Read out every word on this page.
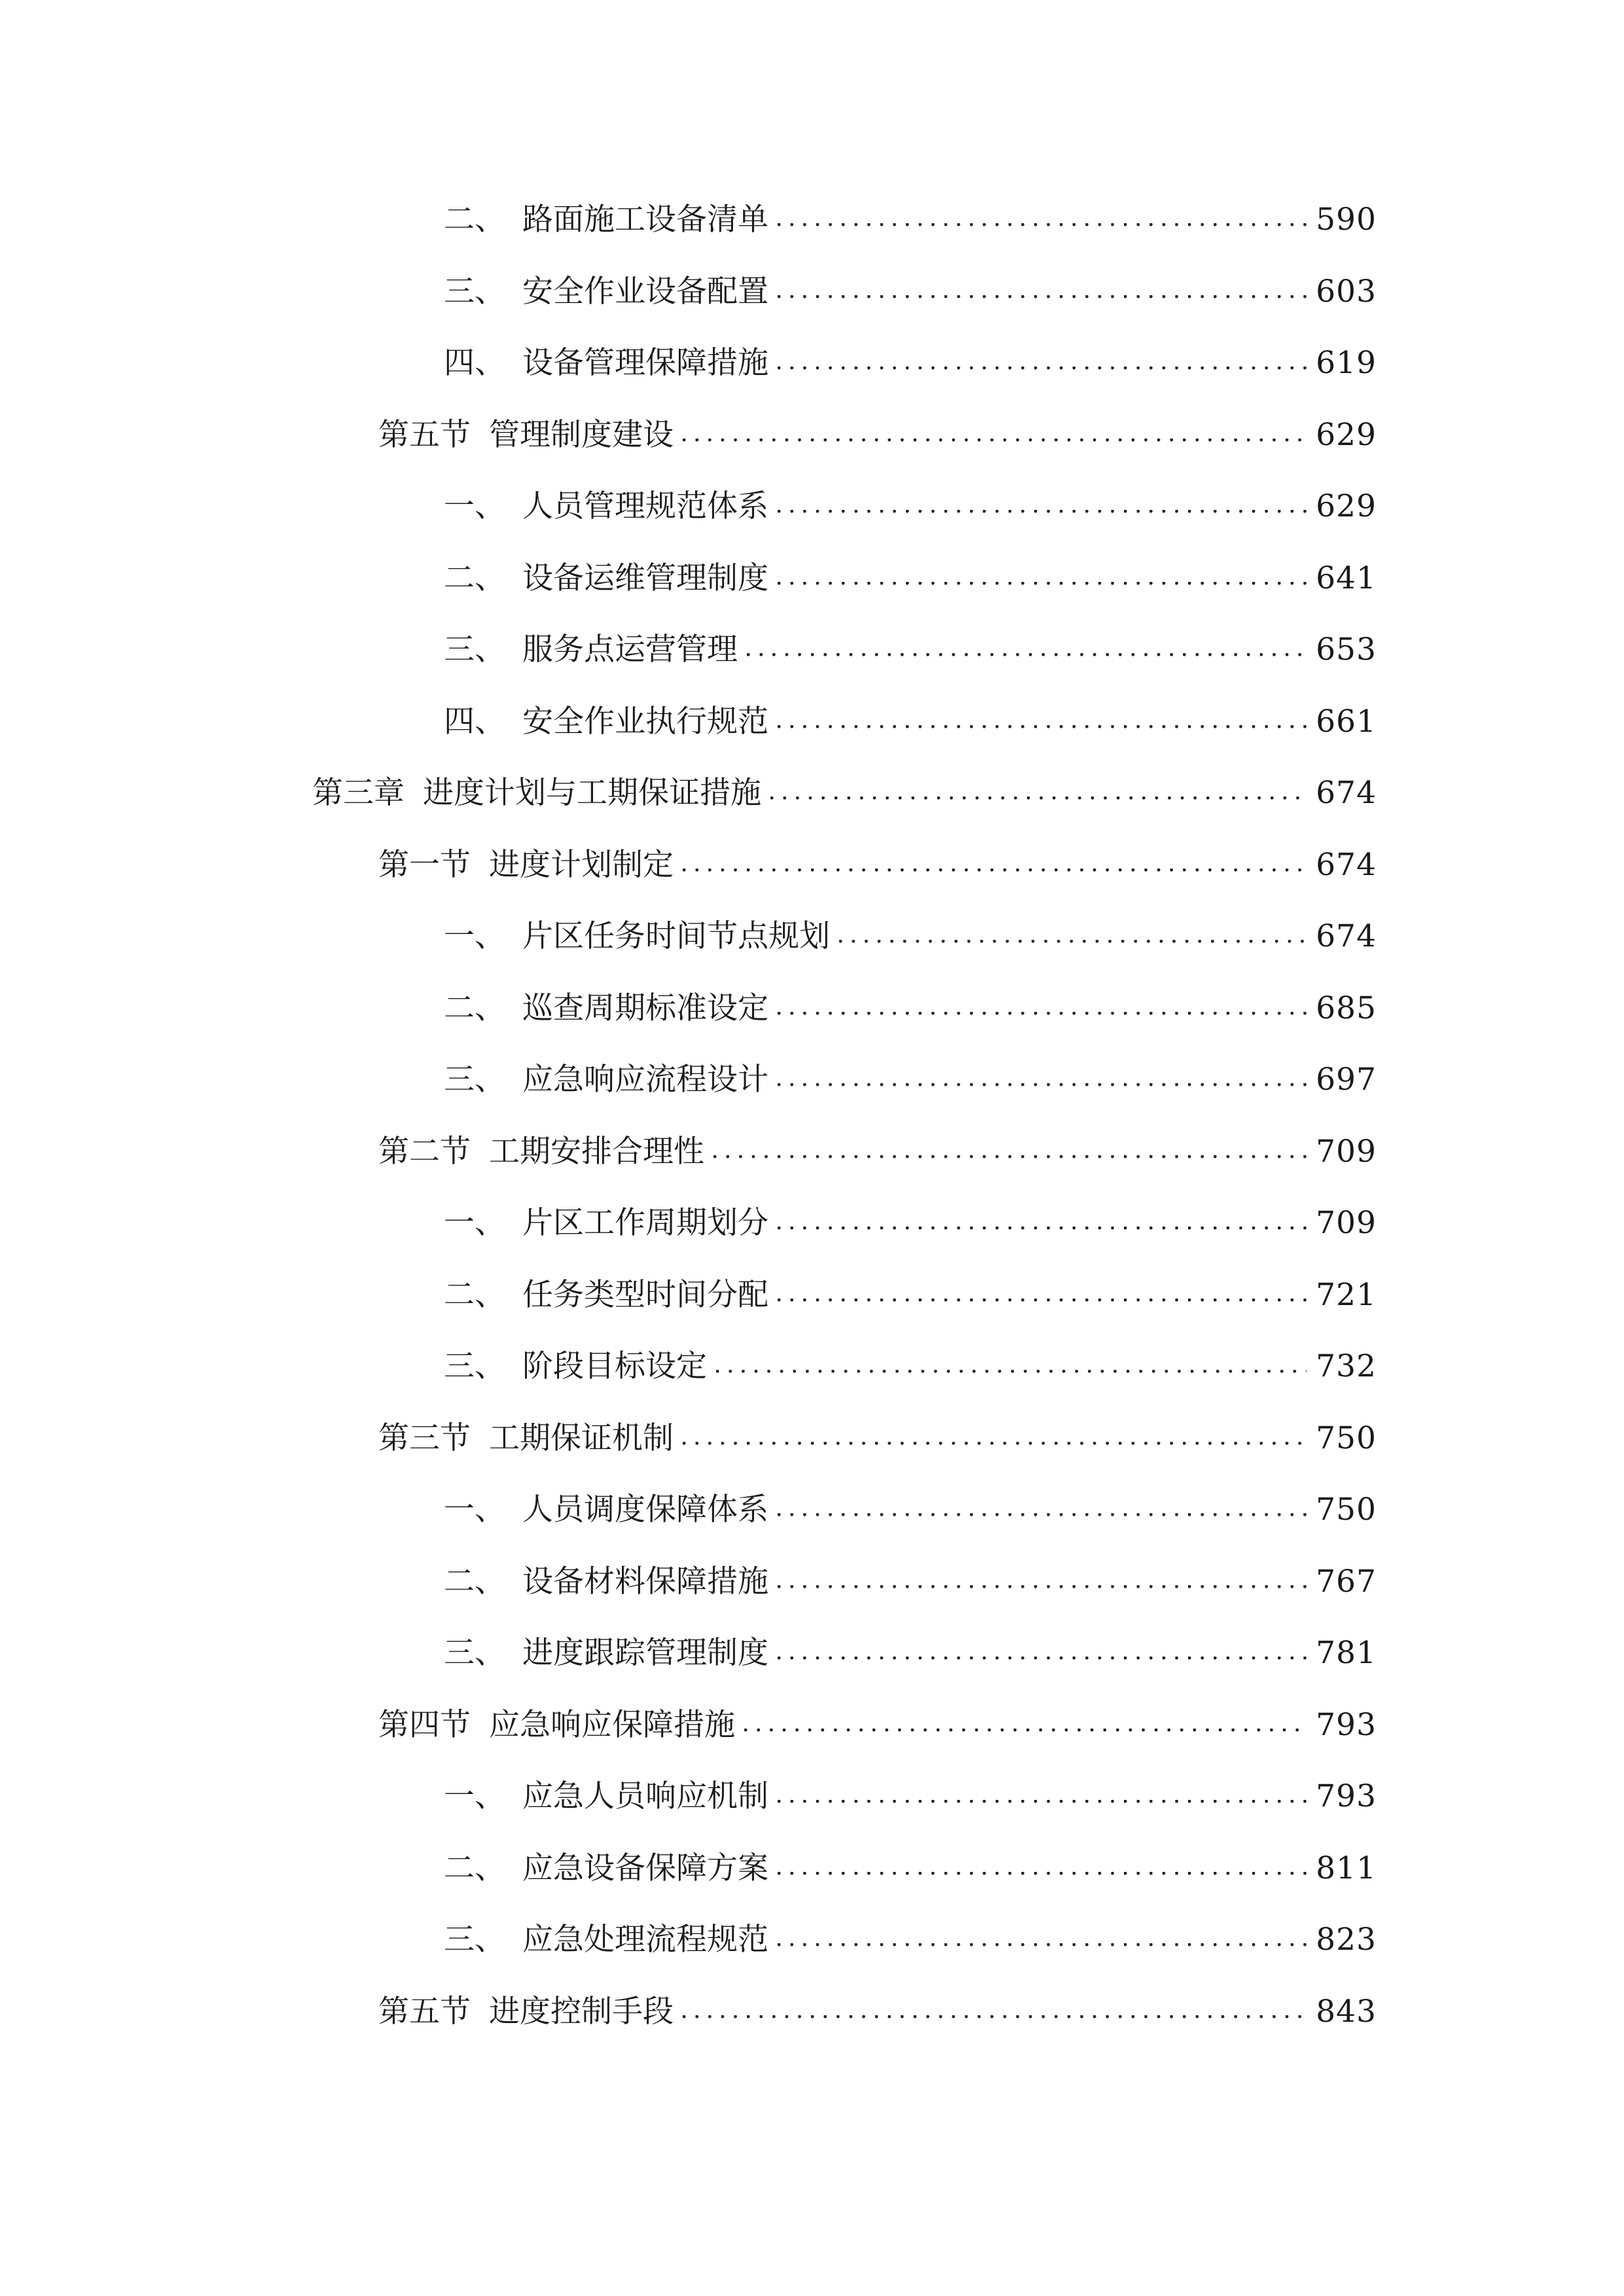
二、 路面施工设备清单	590
三、 安全作业设备配置	603
四、 设备管理保障措施	619
第五节 管理制度建设	629
一、 人员管理规范体系	629
二、 设备运维管理制度	641
三、 服务点运营管理	653
四、 安全作业执行规范	661
第三章 进度计划与工期保证措施	674
第一节 进度计划制定	674
一、 片区任务时间节点规划	674
二、 巡查周期标准设定	685
三、 应急响应流程设计	697
第二节 工期安排合理性	709
一、 片区工作周期划分	709
二、 任务类型时间分配	721
三、 阶段目标设定	732
第三节 工期保证机制	750
一、 人员调度保障体系	750
二、 设备材料保障措施	767
三、 进度跟踪管理制度	781
第四节 应急响应保障措施	793
一、 应急人员响应机制	793
二、 应急设备保障方案	811
三、 应急处理流程规范	823
第五节 进度控制手段	843
